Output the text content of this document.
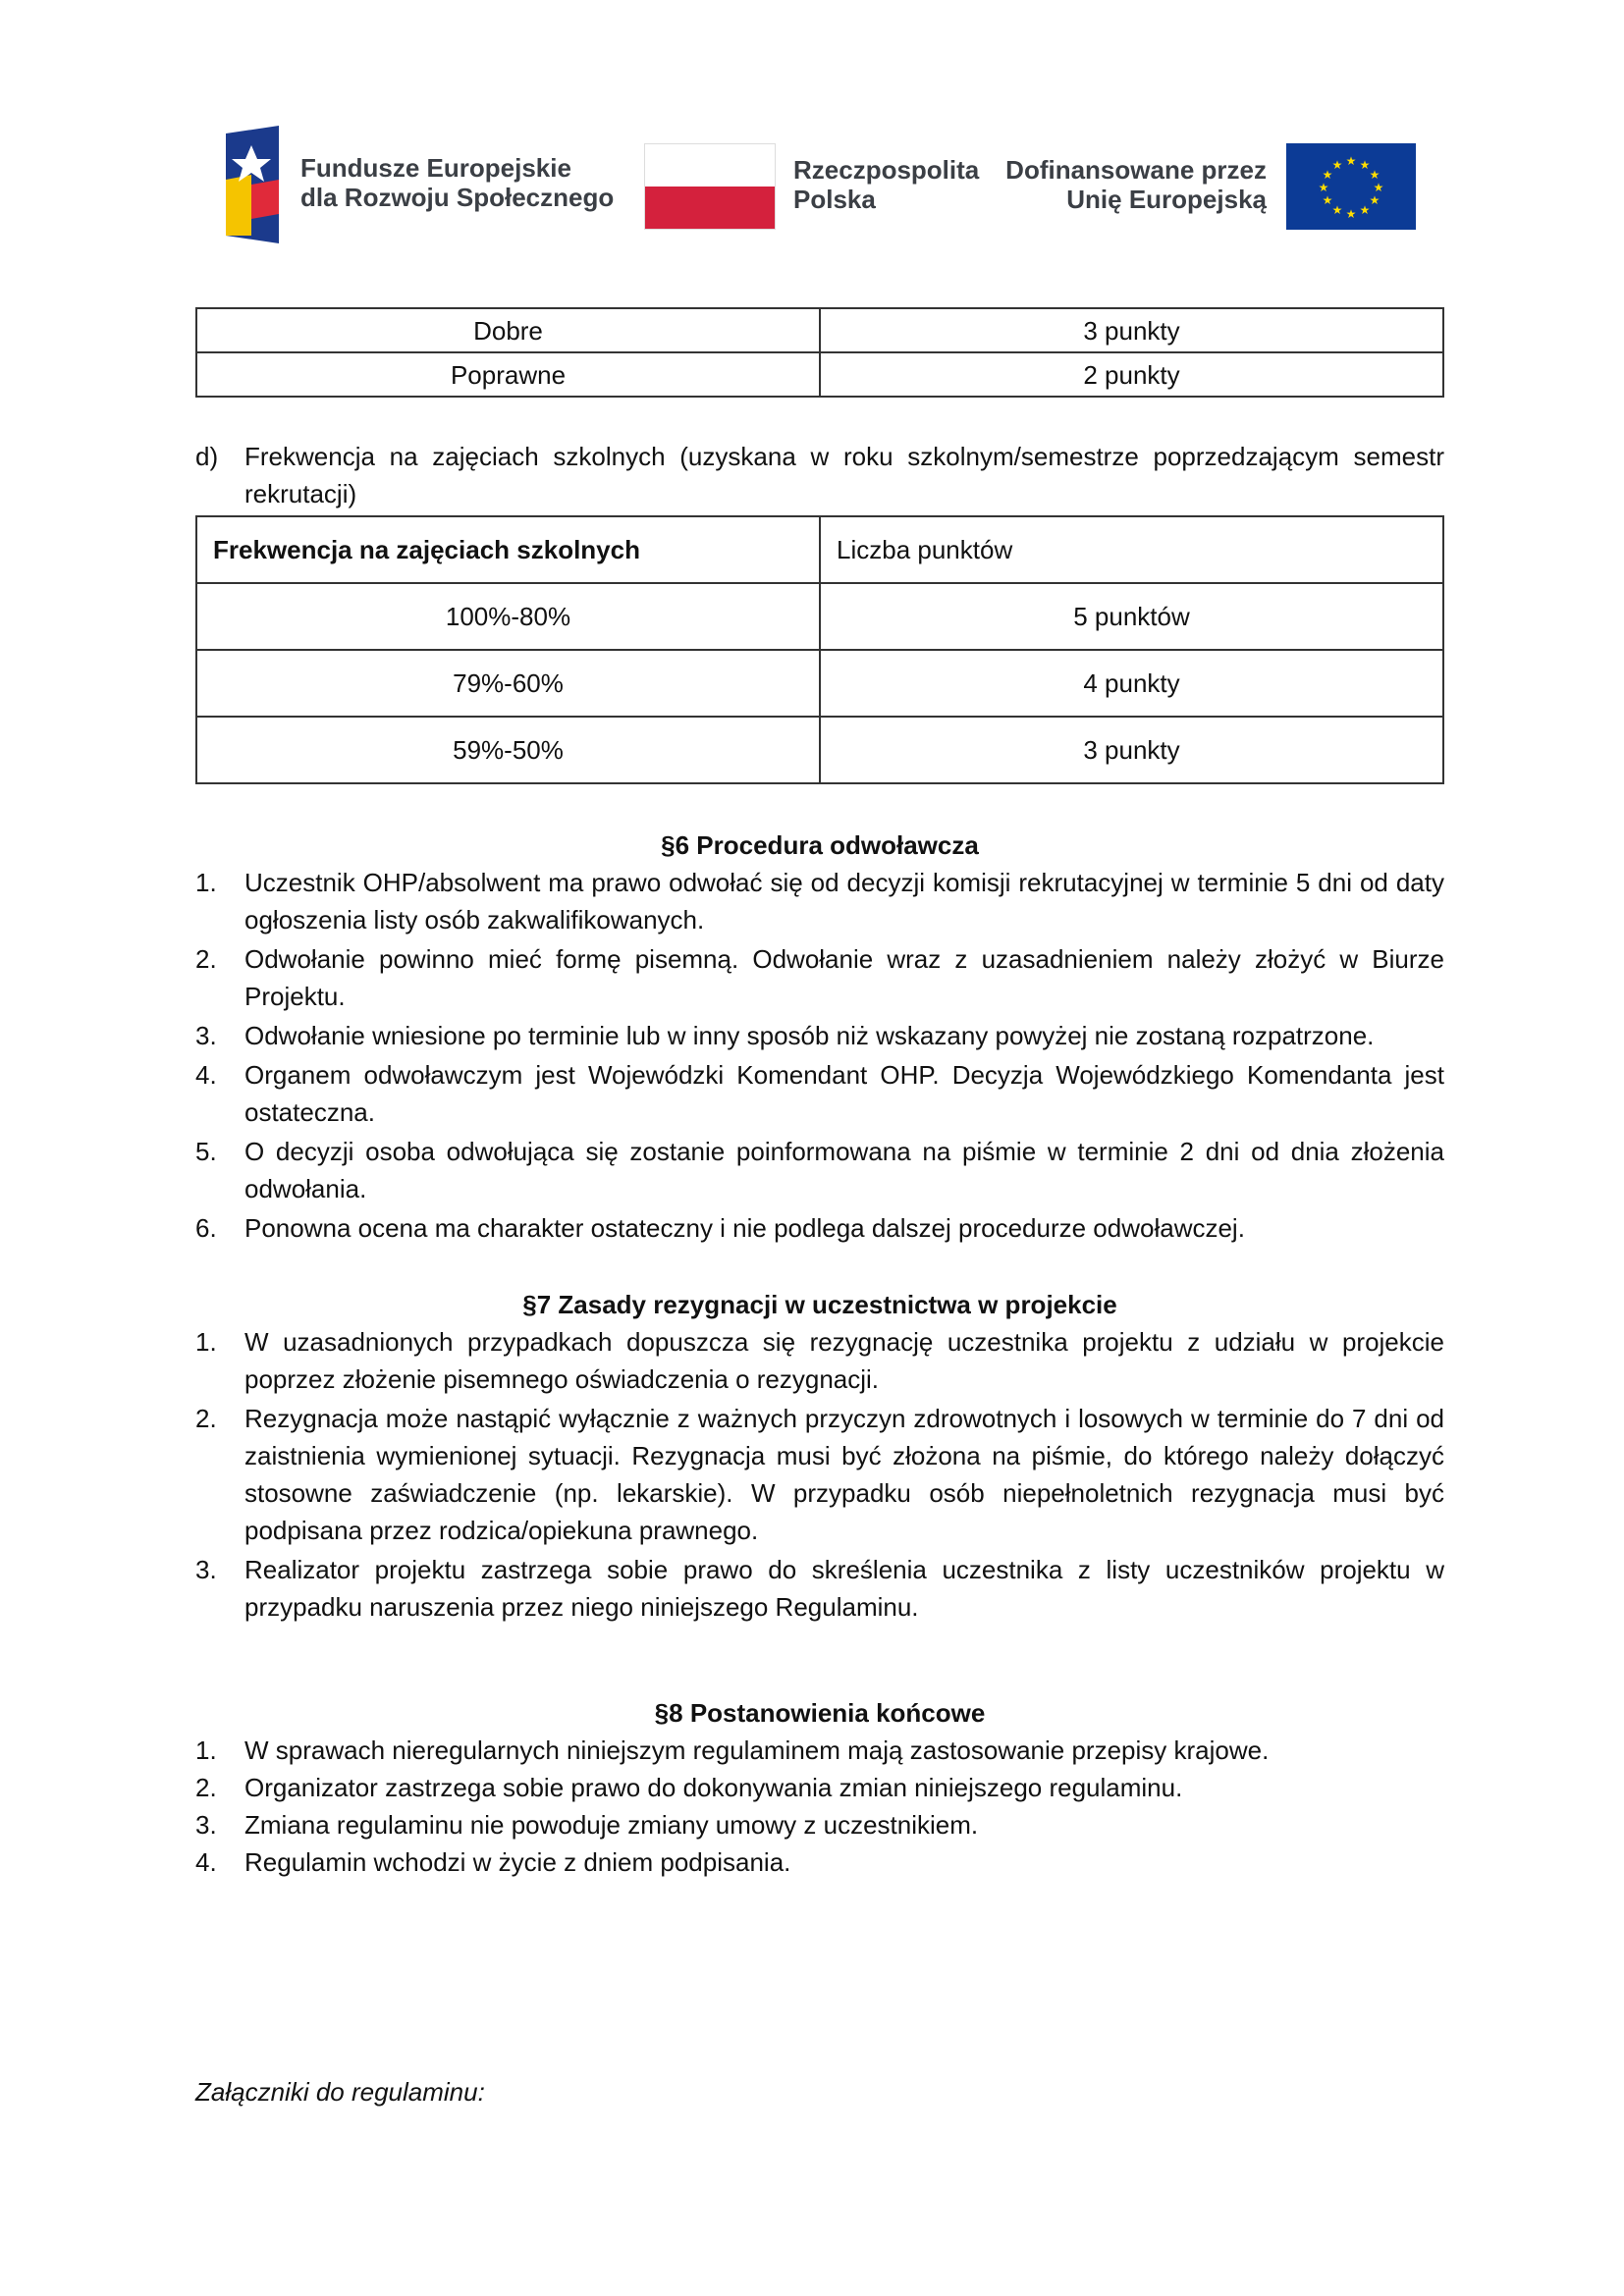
Fundusze Europejskie
dla Rozwoju Społecznego
Rzeczpospolita
Polska
Dofinansowane przez
Unię Europejską
★ ★
★
★
★
★
★
★
★
★
★
★
Dobre	3 punkty
Poprawne	2 punkty
d) Frekwencja na zajęciach szkolnych (uzyskana w roku szkolnym/semestrze poprzedzającym semestr rekrutacji)
Frekwencja na zajęciach szkolnych	Liczba punktów
100%-80%	5 punktów
79%-60%	4 punkty
59%-50%	3 punkty
§6 Procedura odwoławcza
1. Uczestnik OHP/absolwent ma prawo odwołać się od decyzji komisji rekrutacyjnej w terminie 5 dni od daty ogłoszenia listy osób zakwalifikowanych.
2. Odwołanie powinno mieć formę pisemną. Odwołanie wraz z uzasadnieniem należy złożyć w Biurze Projektu.
3. Odwołanie wniesione po terminie lub w inny sposób niż wskazany powyżej nie zostaną rozpatrzone.
4. Organem odwoławczym jest Wojewódzki Komendant OHP. Decyzja Wojewódzkiego Komendanta jest ostateczna.
5. O decyzji osoba odwołująca się zostanie poinformowana na piśmie w terminie 2 dni od dnia złożenia odwołania.
6. Ponowna ocena ma charakter ostateczny i nie podlega dalszej procedurze odwoławczej.
§7 Zasady rezygnacji w uczestnictwa w projekcie
1. W uzasadnionych przypadkach dopuszcza się rezygnację uczestnika projektu z udziału w projekcie poprzez złożenie pisemnego oświadczenia o rezygnacji.
2. Rezygnacja może nastąpić wyłącznie z ważnych przyczyn zdrowotnych i losowych w terminie do 7 dni od zaistnienia wymienionej sytuacji. Rezygnacja musi być złożona na piśmie, do którego należy dołączyć stosowne zaświadczenie (np. lekarskie). W przypadku osób niepełnoletnich rezygnacja musi być podpisana przez rodzica/opiekuna prawnego.
3. Realizator projektu zastrzega sobie prawo do skreślenia uczestnika z listy uczestników projektu w przypadku naruszenia przez niego niniejszego Regulaminu.
§8 Postanowienia końcowe
1. W sprawach nieregularnych niniejszym regulaminem mają zastosowanie przepisy krajowe.
2. Organizator zastrzega sobie prawo do dokonywania zmian niniejszego regulaminu.
3. Zmiana regulaminu nie powoduje zmiany umowy z uczestnikiem.
4. Regulamin wchodzi w życie z dniem podpisania.
Załączniki do regulaminu:
